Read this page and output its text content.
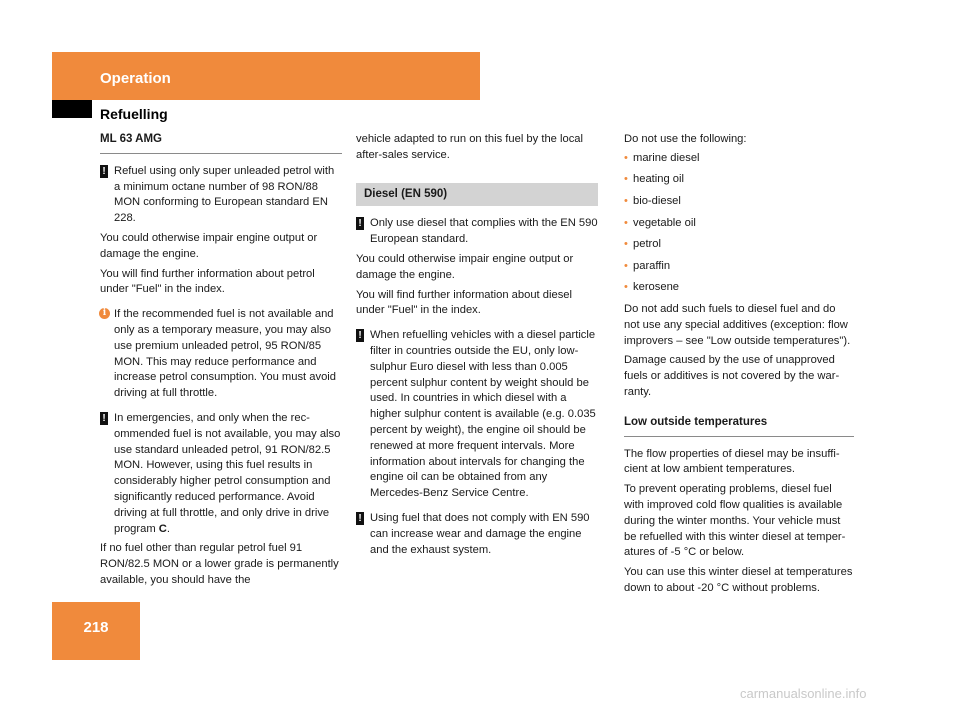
Operation
Refuelling
ML 63 AMG
! Refuel using only super unleaded petrol with a minimum octane number of 98 RON/88 MON conforming to European standard EN 228.

You could otherwise impair engine output or damage the engine.

You will find further information about petrol under "Fuel" in the index.

i If the recommended fuel is not available and only as a temporary measure, you may also use premium unleaded petrol, 95 RON/85 MON. This may reduce performance and increase petrol consumption. You must avoid driving at full throttle.

! In emergencies, and only when the recommended fuel is not available, you may also use standard unleaded petrol, 91 RON/82.5 MON. However, using this fuel results in considerably higher petrol consumption and significantly reduced performance. Avoid driving at full throttle, and only drive in drive program C.

If no fuel other than regular petrol fuel 91 RON/82.5 MON or a lower grade is permanently available, you should have the

vehicle adapted to run on this fuel by the local after-sales service.

Diesel (EN 590)
! Only use diesel that complies with the EN 590 European standard.

You could otherwise impair engine output or damage the engine.

You will find further information about diesel under "Fuel" in the index.

! When refuelling vehicles with a diesel particle filter in countries outside the EU, only low-sulphur Euro diesel with less than 0.005 percent sulphur content by weight should be used. In countries in which diesel with a higher sulphur content is available (e.g. 0.035 percent by weight), the engine oil should be renewed at more frequent intervals. More information about intervals for changing the engine oil can be obtained from any Mercedes-Benz Service Centre.

! Using fuel that does not comply with EN 590 can increase wear and damage the engine and the exhaust system.

Do not use the following:

• marine diesel
• heating oil
• bio-diesel
• vegetable oil
• petrol
• paraffin
• kerosene

Do not add such fuels to diesel fuel and do not use any special additives (exception: flow improvers – see "Low outside temperatures").

Damage caused by the use of unapproved fuels or additives is not covered by the warranty.

Low outside temperatures

The flow properties of diesel may be insufficient at low ambient temperatures.

To prevent operating problems, diesel fuel with improved cold flow qualities is available during the winter months. Your vehicle must be refuelled with this winter diesel at temperatures of -5 °C or below.

You can use this winter diesel at temperatures down to about -20 °C without problems.

218
carmanualsonline.info
